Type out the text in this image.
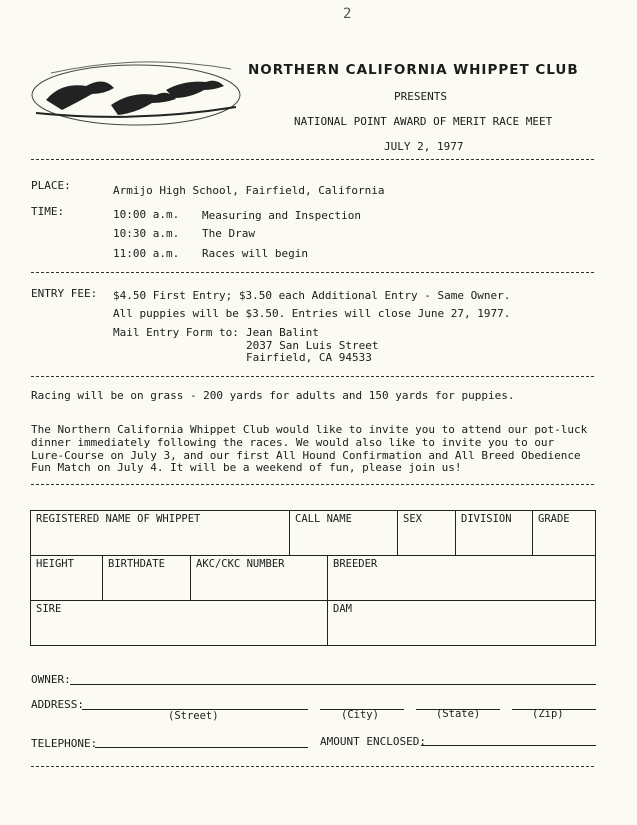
2
NORTHERN CALIFORNIA WHIPPET CLUB
PRESENTS
NATIONAL POINT AWARD OF MERIT RACE MEET
JULY 2, 1977
PLACE:	Armijo High School, Fairfield, California
TIME:	10:00 a.m. Measuring and Inspection
10:30 a.m. The Draw
11:00 a.m. Races will begin
ENTRY FEE: $4.50 First Entry; $3.50 each Additional Entry - Same Owner.
All puppies will be $3.50. Entries will close June 27, 1977.
Mail Entry Form to: Jean Balint
2037 San Luis Street
Fairfield, CA 94533
Racing will be on grass - 200 yards for adults and 150 yards for puppies.
The Northern California Whippet Club would like to invite you to attend our pot-luck
dinner immediately following the races. We would also like to invite you to our
Lure-Course on July 3, and our first All Hound Confirmation and All Breed Obedience
Fun Match on July 4. It will be a weekend of fun, please join us!
REGISTERED NAME OF WHIPPET	CALL NAME	SEX	DIVISION	GRADE
HEIGHT	BIRTHDATE	AKC/CKC NUMBER	BREEDER
SIRE	DAM
OWNER:
ADDRESS:
(Street)	(City)	(State)	(Zip)
TELEPHONE:	AMOUNT ENCLOSED:
